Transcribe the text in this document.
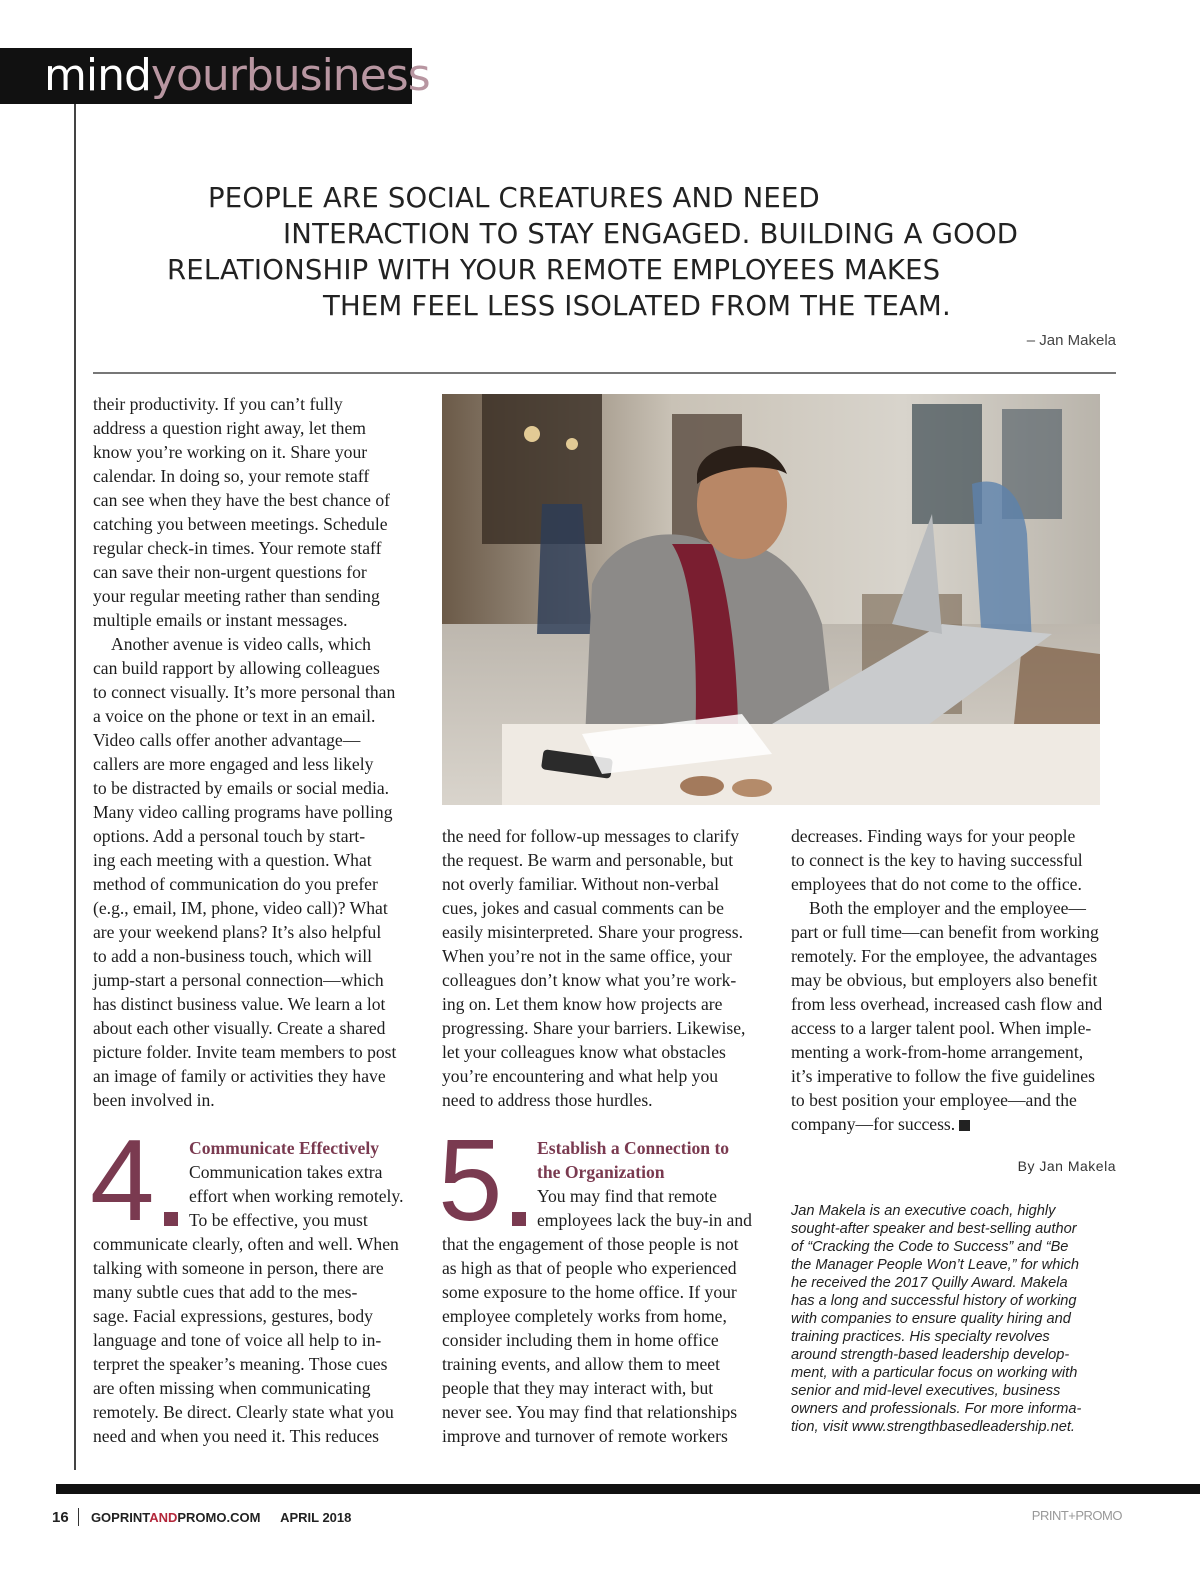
mindyourbusiness
PEOPLE ARE SOCIAL CREATURES AND NEED
INTERACTION TO STAY ENGAGED. BUILDING A GOOD
RELATIONSHIP WITH YOUR REMOTE EMPLOYEES MAKES
THEM FEEL LESS ISOLATED FROM THE TEAM.
– Jan Makela

their productivity. If you can’t fully
address a question right away, let them
know you’re working on it. Share your
calendar. In doing so, your remote staff
can see when they have the best chance of
catching you between meetings. Schedule
regular check-in times. Your remote staff
can save their non-urgent questions for
your regular meeting rather than sending
multiple emails or instant messages.

Another avenue is video calls, which
can build rapport by allowing colleagues
to connect visually. It’s more personal than
a voice on the phone or text in an email.
Video calls offer another advantage—
callers are more engaged and less likely
to be distracted by emails or social media.
Many video calling programs have polling
options. Add a personal touch by start-
ing each meeting with a question. What
method of communication do you prefer
(e.g., email, IM, phone, video call)? What
are your weekend plans? It’s also helpful
to add a non-business touch, which will
jump-start a personal connection—which
has distinct business value. We learn a lot
about each other visually. Create a shared
picture folder. Invite team members to post
an image of family or activities they have
been involved in.

4 Communicate Effectively
Communication takes extra
effort when working remotely.
To be effective, you must

communicate clearly, often and well. When
talking with someone in person, there are
many subtle cues that add to the mes-
sage. Facial expressions, gestures, body
language and tone of voice all help to in-
terpret the speaker’s meaning. Those cues
are often missing when communicating
remotely. Be direct. Clearly state what you
need and when you need it. This reduces

the need for follow-up messages to clarify
the request. Be warm and personable, but
not overly familiar. Without non-verbal
cues, jokes and casual comments can be
easily misinterpreted. Share your progress.
When you’re not in the same office, your
colleagues don’t know what you’re work-
ing on. Let them know how projects are
progressing. Share your barriers. Likewise,
let your colleagues know what obstacles
you’re encountering and what help you
need to address those hurdles.

5 Establish a Connection to
the Organization
You may find that remote
employees lack the buy-in and

that the engagement of those people is not
as high as that of people who experienced
some exposure to the home office. If your
employee completely works from home,
consider including them in home office
training events, and allow them to meet
people that they may interact with, but
never see. You may find that relationships
improve and turnover of remote workers

decreases. Finding ways for your people
to connect is the key to having successful
employees that do not come to the office.

Both the employer and the employee—
part or full time—can benefit from working
remotely. For the employee, the advantages
may be obvious, but employers also benefit
from less overhead, increased cash flow and
access to a larger talent pool. When imple-
menting a work-from-home arrangement,
it’s imperative to follow the five guidelines
to best position your employee—and the
company—for success. +

By Jan Makela
Jan Makela is an executive coach, highly
sought-after speaker and best-selling author
of “Cracking the Code to Success” and “Be
the Manager People Won’t Leave,” for which
he received the 2017 Quilly Award. Makela
has a long and successful history of working
with companies to ensure quality hiring and
training practices. His specialty revolves
around strength-based leadership develop-
ment, with a particular focus on working with
senior and mid-level executives, business
owners and professionals. For more informa-
tion, visit www.strengthbasedleadership.net.
16 GOPRINTANDPROMO.COM APRIL 2018	PRINT+PROMO
